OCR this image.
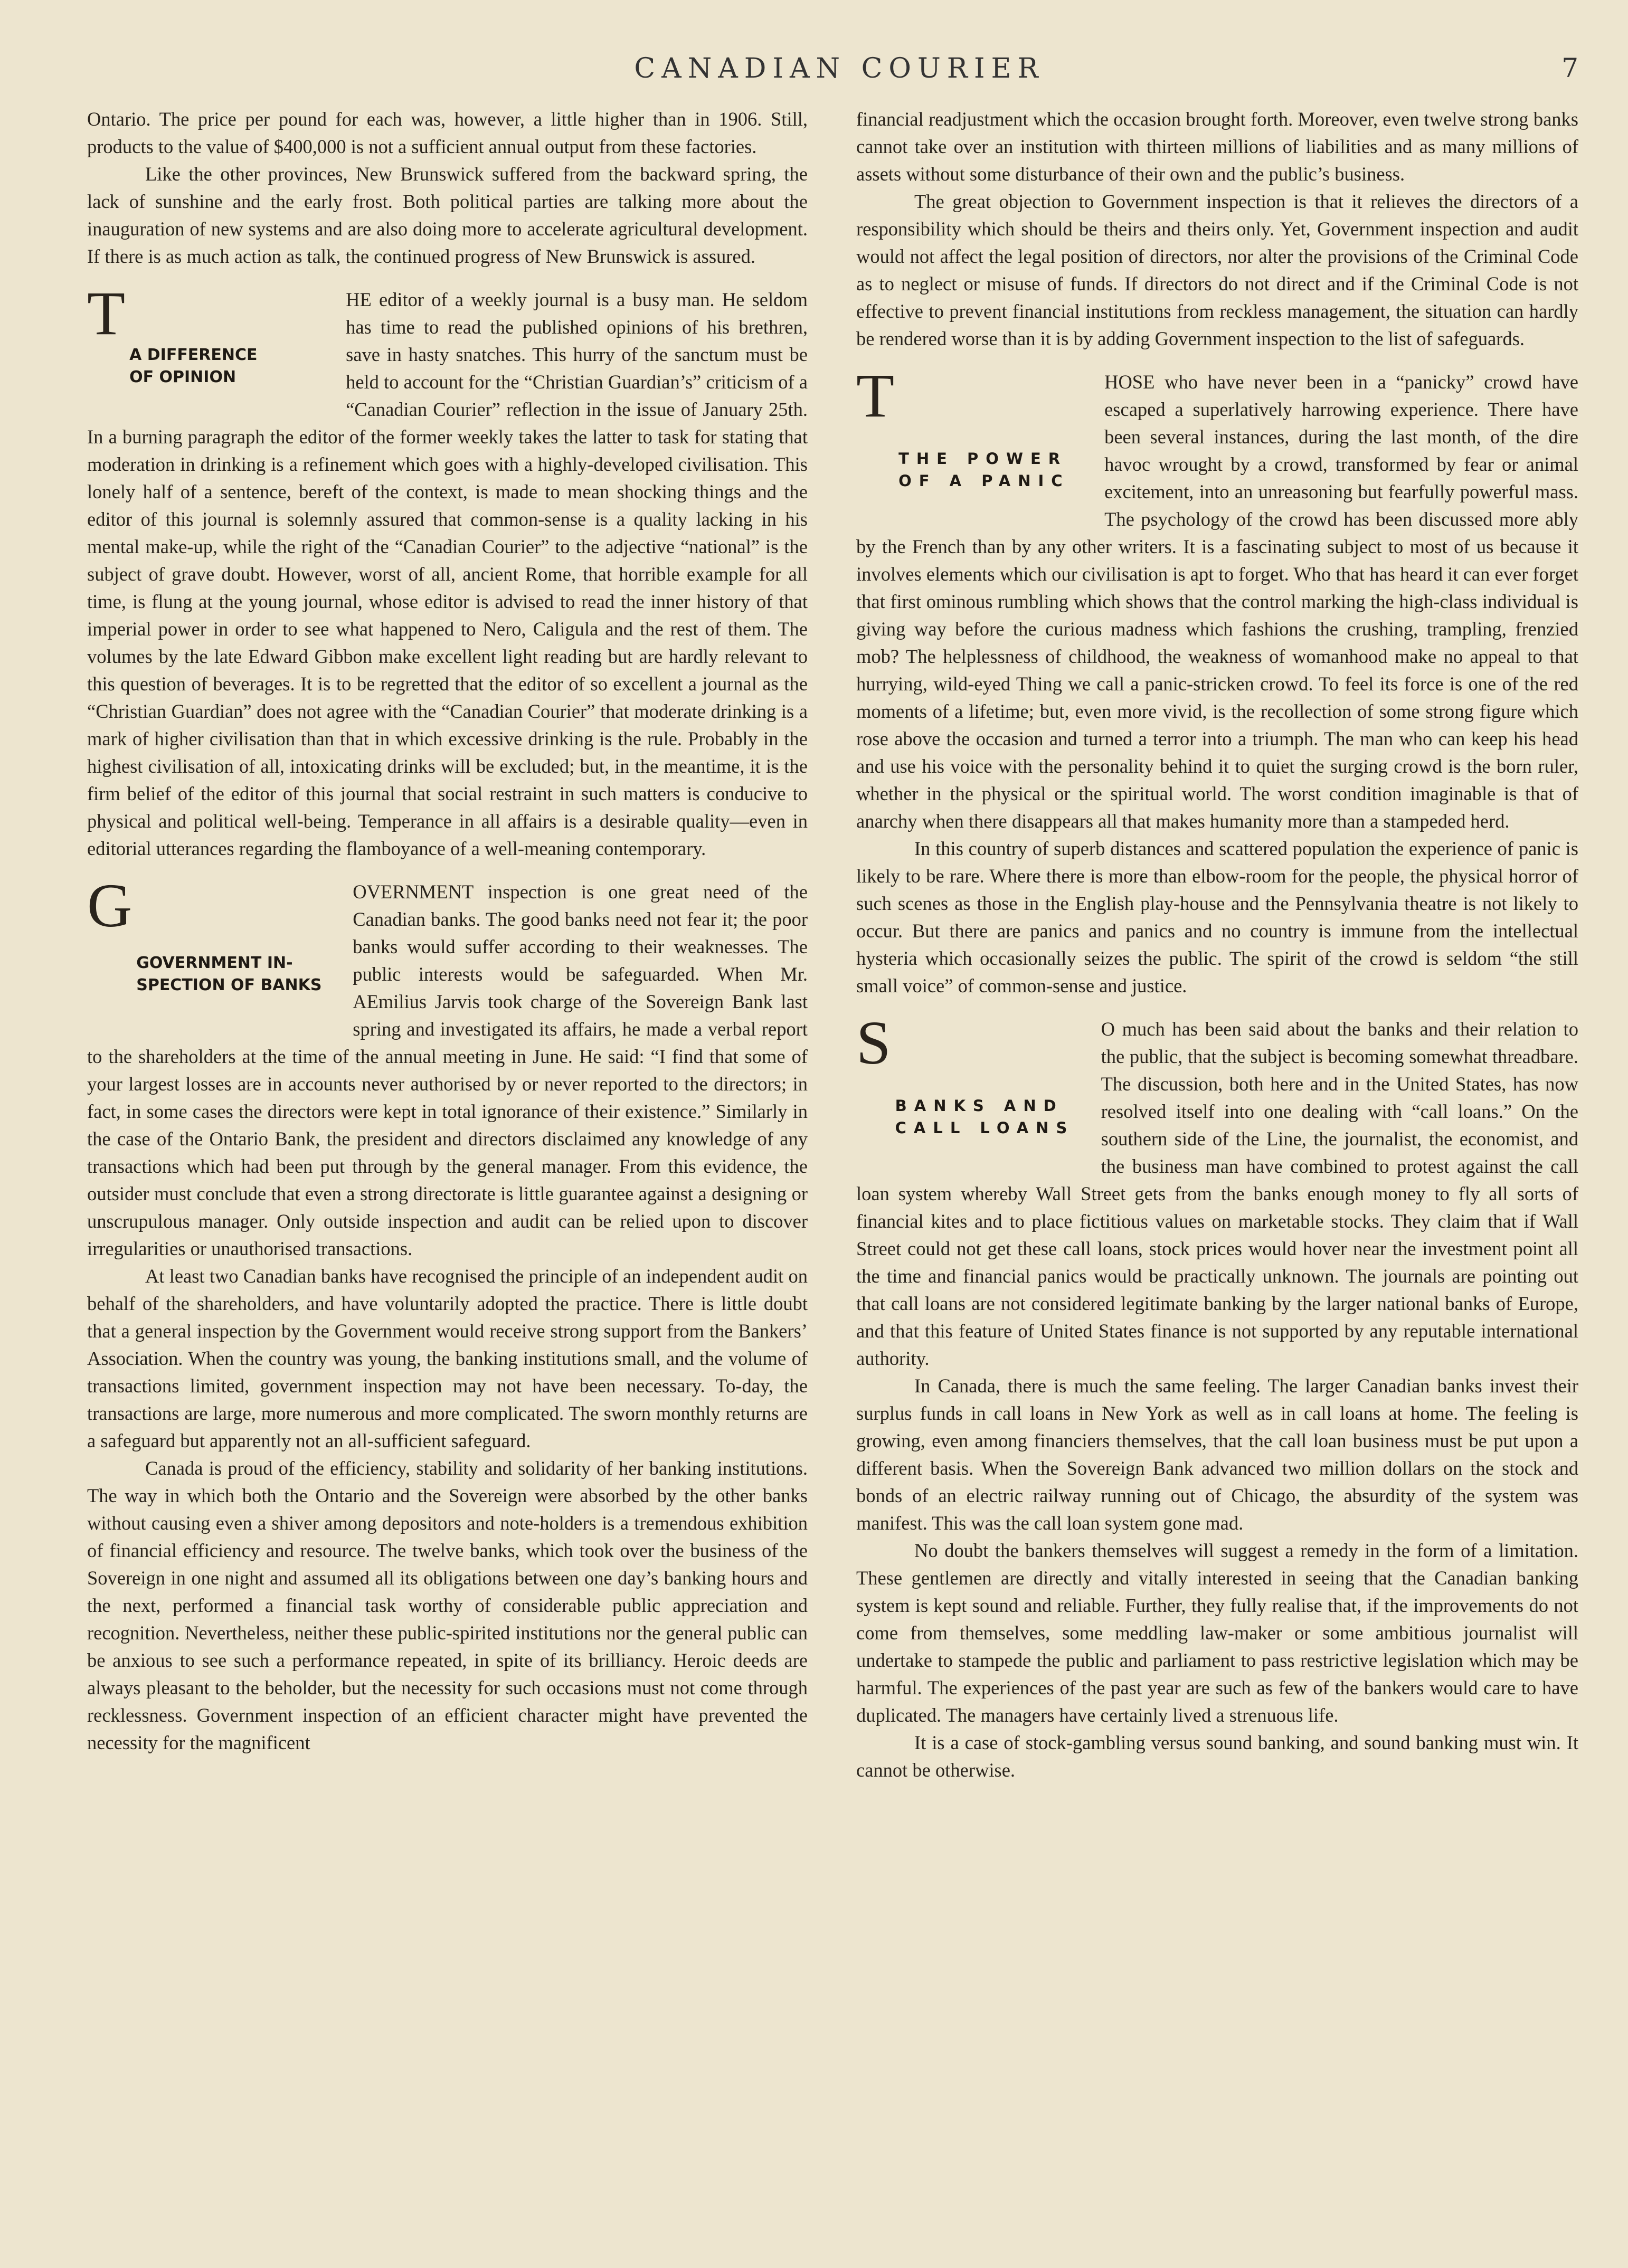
CANADIAN COURIER	7

Ontario. The price per pound for each was, however, a little higher than in 1906. Still, products to the value of $400,000 is not a sufficient annual output from these factories.

Like the other provinces, New Brunswick suffered from the backward spring, the lack of sunshine and the early frost. Both political parties are talking more about the inauguration of new systems and are also doing more to accelerate agricultural development. If there is as much action as talk, the continued progress of New Brunswick is assured.

T
A DIFFERENCE
OF OPINION

HE editor of a weekly journal is a busy man. He seldom has time to read the published opinions of his brethren, save in hasty snatches. This hurry of the sanctum must be held to account for the “Christian Guardian’s” criticism of a “Canadian Courier” reflection in the issue of January 25th. In a burning paragraph the editor of the former weekly takes the latter to task for stating that moderation in drinking is a refinement which goes with a highly-developed civilisation. This lonely half of a sentence, bereft of the context, is made to mean shocking things and the editor of this journal is solemnly assured that common-sense is a quality lacking in his mental make-up, while the right of the “Canadian Courier” to the adjective “national” is the subject of grave doubt. However, worst of all, ancient Rome, that horrible example for all time, is flung at the young journal, whose editor is advised to read the inner history of that imperial power in order to see what happened to Nero, Caligula and the rest of them. The volumes by the late Edward Gibbon make excellent light reading but are hardly relevant to this question of beverages. It is to be regretted that the editor of so excellent a journal as the “Christian Guardian” does not agree with the “Canadian Courier” that moderate drinking is a mark of higher civilisation than that in which excessive drinking is the rule. Probably in the highest civilisation of all, intoxicating drinks will be excluded; but, in the meantime, it is the firm belief of the editor of this journal that social restraint in such matters is conducive to physical and political well-being. Temperance in all affairs is a desirable quality—even in editorial utterances regarding the flamboyance of a well-meaning contemporary.

G
GOVERNMENT IN-
SPECTION OF BANKS

OVERNMENT inspection is one great need of the Canadian banks. The good banks need not fear it; the poor banks would suffer according to their weaknesses. The public interests would be safeguarded. When Mr. AEmilius Jarvis took charge of the Sovereign Bank last spring and investigated its affairs, he made a verbal report to the shareholders at the time of the annual meeting in June. He said: “I find that some of your largest losses are in accounts never authorised by or never reported to the directors; in fact, in some cases the directors were kept in total ignorance of their existence.” Similarly in the case of the Ontario Bank, the president and directors disclaimed any knowledge of any transactions which had been put through by the general manager. From this evidence, the outsider must conclude that even a strong directorate is little guarantee against a designing or unscrupulous manager. Only outside inspection and audit can be relied upon to discover irregularities or unauthorised transactions.

At least two Canadian banks have recognised the principle of an independent audit on behalf of the shareholders, and have voluntarily adopted the practice. There is little doubt that a general inspection by the Government would receive strong support from the Bankers’ Association. When the country was young, the banking institutions small, and the volume of transactions limited, government inspection may not have been necessary. To-day, the transactions are large, more numerous and more complicated. The sworn monthly returns are a safeguard but apparently not an all-sufficient safeguard.

Canada is proud of the efficiency, stability and solidarity of her banking institutions. The way in which both the Ontario and the Sovereign were absorbed by the other banks without causing even a shiver among depositors and note-holders is a tremendous exhibition of financial efficiency and resource. The twelve banks, which took over the business of the Sovereign in one night and assumed all its obligations between one day’s banking hours and the next, performed a financial task worthy of considerable public appreciation and recognition. Nevertheless, neither these public-spirited institutions nor the general public can be anxious to see such a performance repeated, in spite of its brilliancy. Heroic deeds are always pleasant to the beholder, but the necessity for such occasions must not come through recklessness. Government inspection of an efficient character might have prevented the necessity for the magnificent

financial readjustment which the occasion brought forth. Moreover, even twelve strong banks cannot take over an institution with thirteen millions of liabilities and as many millions of assets without some disturbance of their own and the public’s business.

The great objection to Government inspection is that it relieves the directors of a responsibility which should be theirs and theirs only. Yet, Government inspection and audit would not affect the legal position of directors, nor alter the provisions of the Criminal Code as to neglect or misuse of funds. If directors do not direct and if the Criminal Code is not effective to prevent financial institutions from reckless management, the situation can hardly be rendered worse than it is by adding Government inspection to the list of safeguards.

T
THE POWER
OF A PANIC

HOSE who have never been in a “panicky” crowd have escaped a superlatively harrowing experience. There have been several instances, during the last month, of the dire havoc wrought by a crowd, transformed by fear or animal excitement, into an unreasoning but fearfully powerful mass. The psychology of the crowd has been discussed more ably by the French than by any other writers. It is a fascinating subject to most of us because it involves elements which our civilisation is apt to forget. Who that has heard it can ever forget that first ominous rumbling which shows that the control marking the high-class individual is giving way before the curious madness which fashions the crushing, trampling, frenzied mob? The helplessness of childhood, the weakness of womanhood make no appeal to that hurrying, wild-eyed Thing we call a panic-stricken crowd. To feel its force is one of the red moments of a lifetime; but, even more vivid, is the recollection of some strong figure which rose above the occasion and turned a terror into a triumph. The man who can keep his head and use his voice with the personality behind it to quiet the surging crowd is the born ruler, whether in the physical or the spiritual world. The worst condition imaginable is that of anarchy when there disappears all that makes humanity more than a stampeded herd.

In this country of superb distances and scattered population the experience of panic is likely to be rare. Where there is more than elbow-room for the people, the physical horror of such scenes as those in the English play-house and the Pennsylvania theatre is not likely to occur. But there are panics and panics and no country is immune from the intellectual hysteria which occasionally seizes the public. The spirit of the crowd is seldom “the still small voice” of common-sense and justice.

S
BANKS AND
CALL LOANS

O much has been said about the banks and their relation to the public, that the subject is becoming somewhat threadbare. The discussion, both here and in the United States, has now resolved itself into one dealing with “call loans.” On the southern side of the Line, the journalist, the economist, and the business man have combined to protest against the call loan system whereby Wall Street gets from the banks enough money to fly all sorts of financial kites and to place fictitious values on marketable stocks. They claim that if Wall Street could not get these call loans, stock prices would hover near the investment point all the time and financial panics would be practically unknown. The journals are pointing out that call loans are not considered legitimate banking by the larger national banks of Europe, and that this feature of United States finance is not supported by any reputable international authority.

In Canada, there is much the same feeling. The larger Canadian banks invest their surplus funds in call loans in New York as well as in call loans at home. The feeling is growing, even among financiers themselves, that the call loan business must be put upon a different basis. When the Sovereign Bank advanced two million dollars on the stock and bonds of an electric railway running out of Chicago, the absurdity of the system was manifest. This was the call loan system gone mad.

No doubt the bankers themselves will suggest a remedy in the form of a limitation. These gentlemen are directly and vitally interested in seeing that the Canadian banking system is kept sound and reliable. Further, they fully realise that, if the improvements do not come from themselves, some meddling law-maker or some ambitious journalist will undertake to stampede the public and parliament to pass restrictive legislation which may be harmful. The experiences of the past year are such as few of the bankers would care to have duplicated. The managers have certainly lived a strenuous life.

It is a case of stock-gambling versus sound banking, and sound banking must win. It cannot be otherwise.
